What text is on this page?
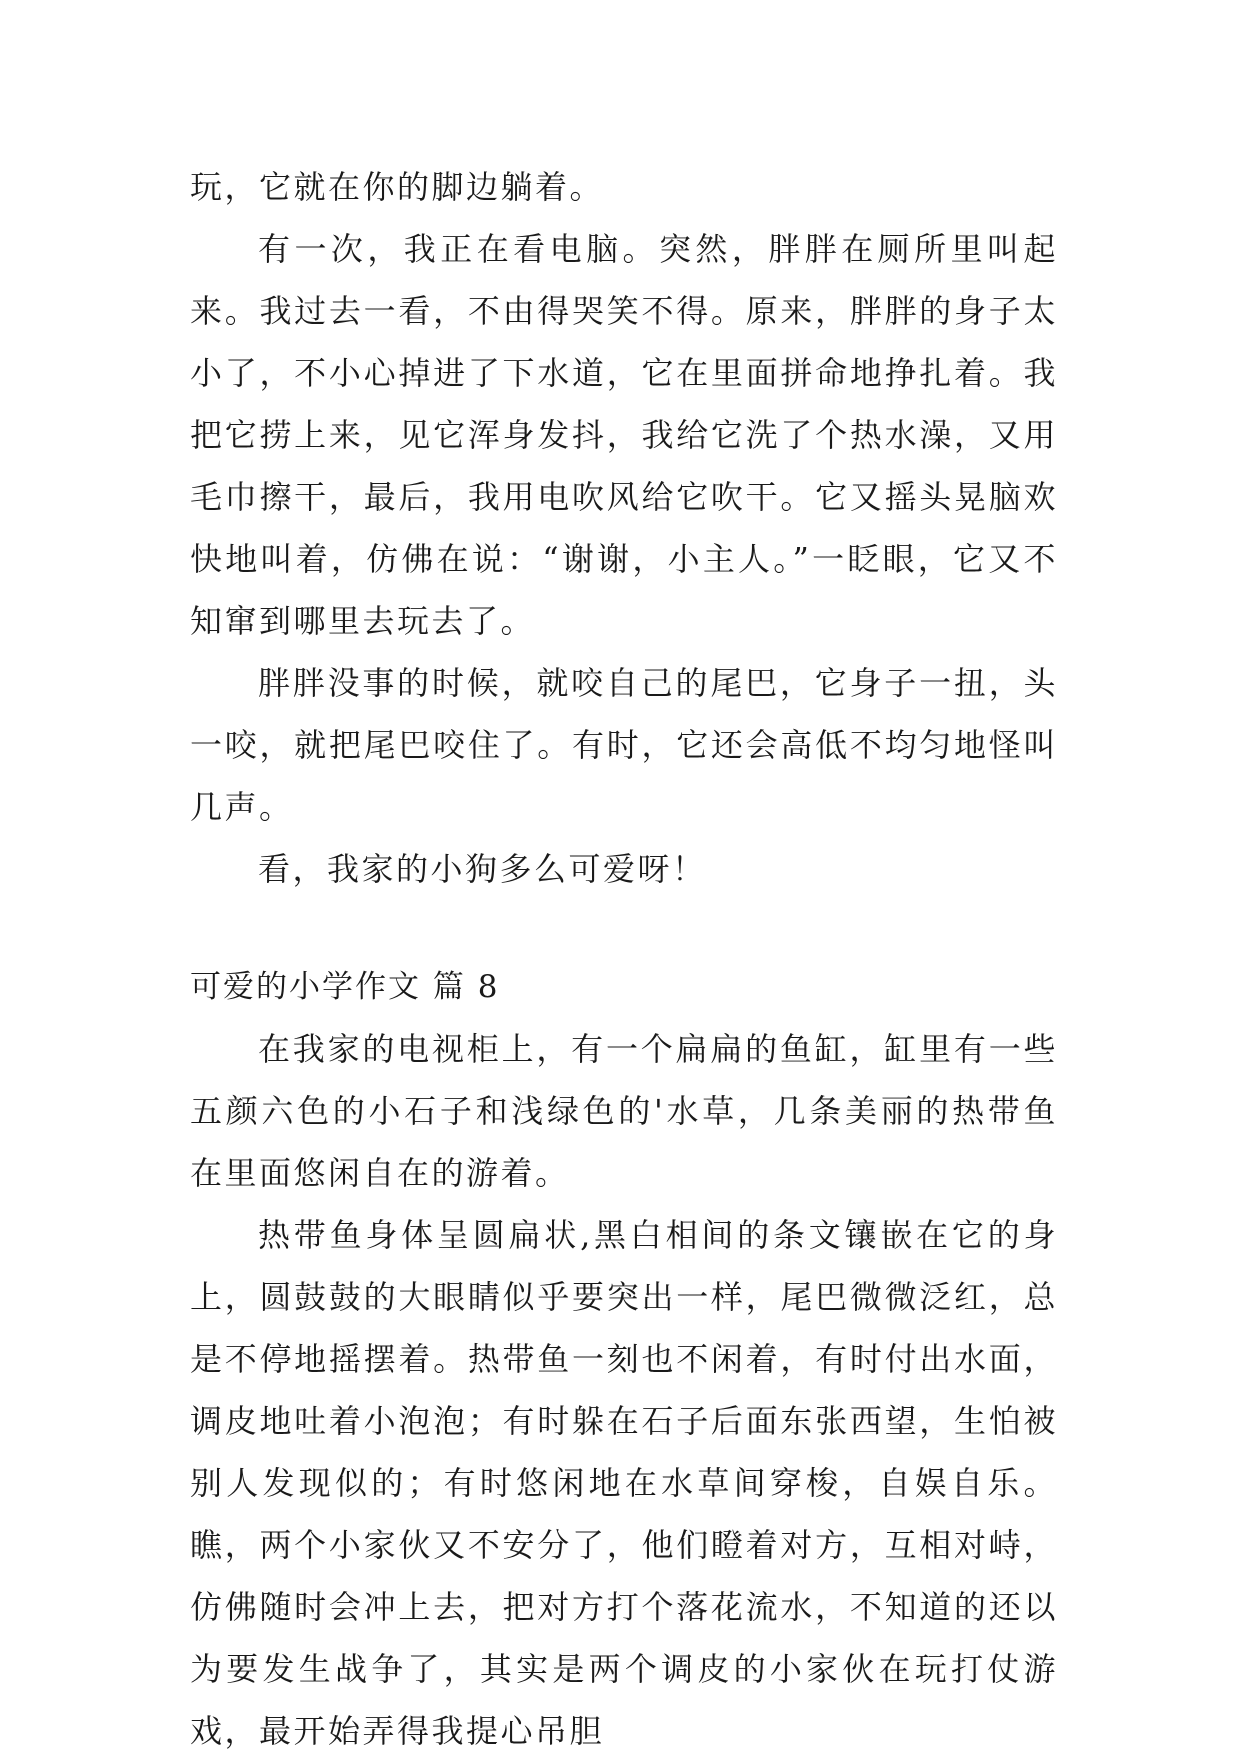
玩，它就在你的脚边躺着。

有一次，我正在看电脑。突然，胖胖在厕所里叫起来。我过去一看，不由得哭笑不得。原来，胖胖的身子太小了，不小心掉进了下水道，它在里面拼命地挣扎着。我把它捞上来，见它浑身发抖，我给它洗了个热水澡，又用毛巾擦干，最后，我用电吹风给它吹干。它又摇头晃脑欢快地叫着，仿佛在说：“谢谢，小主人。”一眨眼，它又不知窜到哪里去玩去了。

胖胖没事的时候，就咬自己的尾巴，它身子一扭，头一咬，就把尾巴咬住了。有时，它还会高低不均匀地怪叫几声。

看，我家的小狗多么可爱呀！

可爱的小学作文 篇 8

在我家的电视柜上，有一个扁扁的鱼缸，缸里有一些五颜六色的小石子和浅绿色的'水草，几条美丽的热带鱼在里面悠闲自在的游着。

热带鱼身体呈圆扁状,黑白相间的条文镶嵌在它的身上，圆鼓鼓的大眼睛似乎要突出一样，尾巴微微泛红，总是不停地摇摆着。热带鱼一刻也不闲着，有时付出水面，调皮地吐着小泡泡；有时躲在石子后面东张西望，生怕被别人发现似的；有时悠闲地在水草间穿梭，自娱自乐。瞧，两个小家伙又不安分了，他们瞪着对方，互相对峙，仿佛随时会冲上去，把对方打个落花流水，不知道的还以为要发生战争了，其实是两个调皮的小家伙在玩打仗游戏，最开始弄得我提心吊胆
